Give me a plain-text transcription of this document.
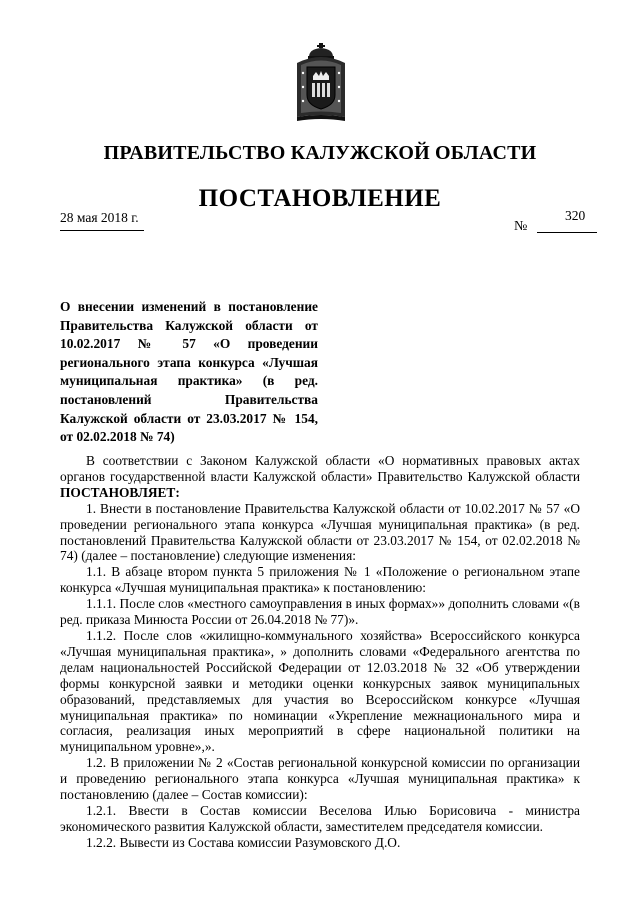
ПРАВИТЕЛЬСТВО КАЛУЖСКОЙ ОБЛАСТИ
ПОСТАНОВЛЕНИЕ
28 мая 2018 г.
№
320
О внесении изменений в постановление Правительства Калужской области от 10.02.2017 № 57 «О проведении регионального этапа конкурса «Лучшая муниципальная практика» (в ред. постановлений Правительства Калужской области от 23.03.2017 № 154, от 02.02.2018 № 74)

В соответствии с Законом Калужской области «О нормативных правовых актах органов государственной власти Калужской области» Правительство Калужской области ПОСТАНОВЛЯЕТ:

1. Внести в постановление Правительства Калужской области от 10.02.2017 № 57 «О проведении регионального этапа конкурса «Лучшая муниципальная практика» (в ред. постановлений Правительства Калужской области от 23.03.2017 № 154, от 02.02.2018 № 74) (далее – постановление) следующие изменения:

1.1. В абзаце втором пункта 5 приложения № 1 «Положение о региональном этапе конкурса «Лучшая муниципальная практика» к постановлению:

1.1.1. После слов «местного самоуправления в иных формах»» дополнить словами «(в ред. приказа Минюста России от 26.04.2018 № 77)».

1.1.2. После слов «жилищно-коммунального хозяйства» Всероссийского конкурса «Лучшая муниципальная практика», » дополнить словами «Федерального агентства по делам национальностей Российской Федерации от 12.03.2018 № 32 «Об утверждении формы конкурсной заявки и методики оценки конкурсных заявок муниципальных образований, представляемых для участия во Всероссийском конкурсе «Лучшая муниципальная практика» по номинации «Укрепление межнационального мира и согласия, реализация иных мероприятий в сфере национальной политики на муниципальном уровне»,».

1.2. В приложении № 2 «Состав региональной конкурсной комиссии по организации и проведению регионального этапа конкурса «Лучшая муниципальная практика» к постановлению (далее – Состав комиссии):

1.2.1. Ввести в Состав комиссии Веселова Илью Борисовича - министра экономического развития Калужской области, заместителем председателя комиссии.

1.2.2. Вывести из Состава комиссии Разумовского Д.О.
